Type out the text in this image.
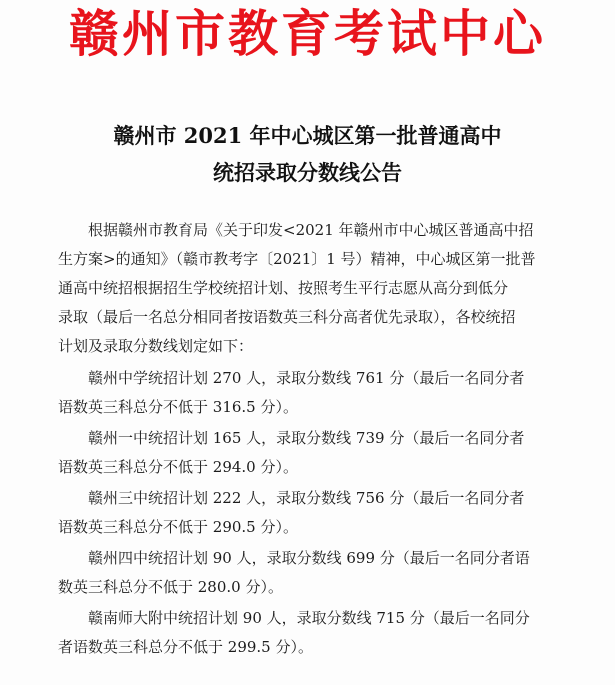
赣州市教育考试中心
赣州市 2021 年中心城区第一批普通高中
统招录取分数线公告
根据赣州市教育局《关于印发<2021 年赣州市中心城区普通高中招
生方案>的通知》（赣市教考字〔2021〕1 号）精神，中心城区第一批普
通高中统招根据招生学校统招计划、按照考生平行志愿从高分到低分
录取（最后一名总分相同者按语数英三科分高者优先录取），各校统招
计划及录取分数线划定如下：
赣州中学统招计划 270 人，录取分数线 761 分（最后一名同分者
语数英三科总分不低于 316.5 分）。
赣州一中统招计划 165 人，录取分数线 739 分（最后一名同分者
语数英三科总分不低于 294.0 分）。
赣州三中统招计划 222 人，录取分数线 756 分（最后一名同分者
语数英三科总分不低于 290.5 分）。
赣州四中统招计划 90 人，录取分数线 699 分（最后一名同分者语
数英三科总分不低于 280.0 分）。
赣南师大附中统招计划 90 人，录取分数线 715 分（最后一名同分
者语数英三科总分不低于 299.5 分）。
